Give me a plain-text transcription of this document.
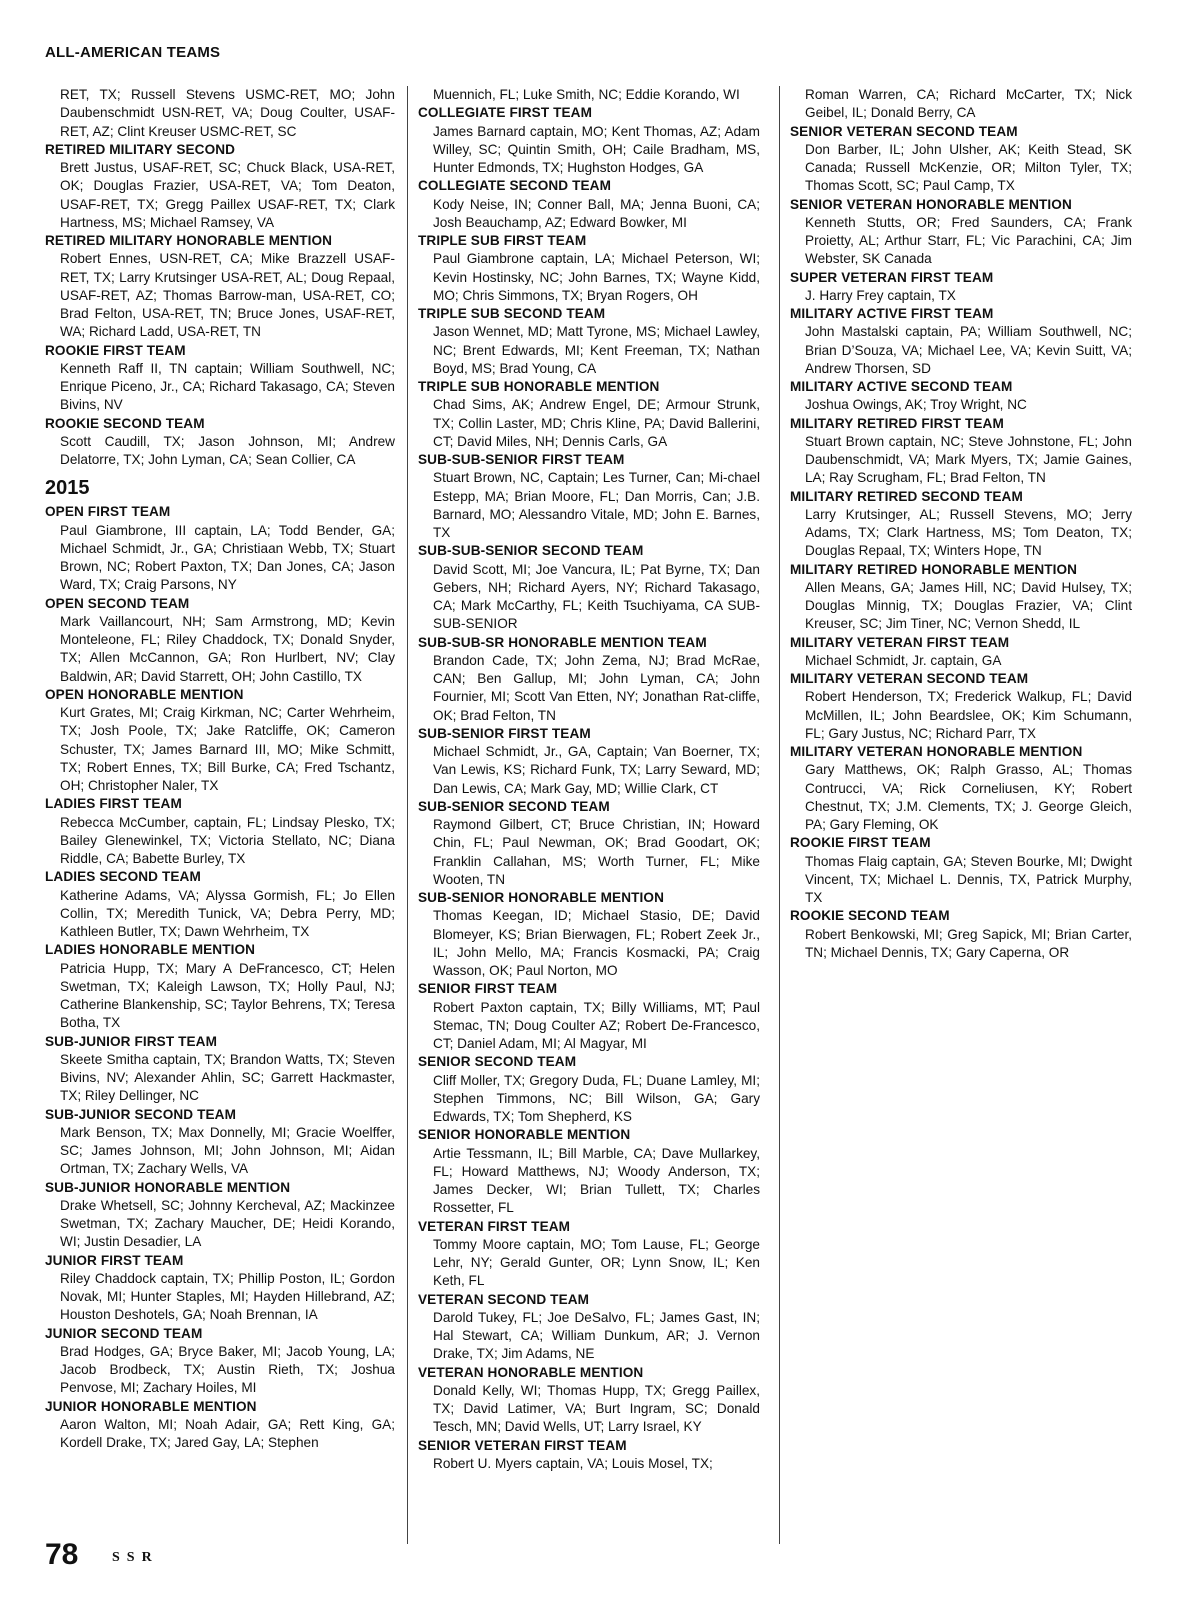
ALL-AMERICAN TEAMS
RET, TX; Russell Stevens USMC-RET, MO; John Daubenschmidt USN-RET, VA; Doug Coulter, USAF-RET, AZ; Clint Kreuser USMC-RET, SC
RETIRED MILITARY SECOND
Brett Justus, USAF-RET, SC; Chuck Black, USA-RET, OK; Douglas Frazier, USA-RET, VA; Tom Deaton, USAF-RET, TX; Gregg Paillex USAF-RET, TX; Clark Hartness, MS; Michael Ramsey, VA
RETIRED MILITARY HONORABLE MENTION
Robert Ennes, USN-RET, CA; Mike Brazzell USAF-RET, TX; Larry Krutsinger USA-RET, AL; Doug Repaal, USAF-RET, AZ; Thomas Barrow-man, USA-RET, CO; Brad Felton, USA-RET, TN; Bruce Jones, USAF-RET, WA; Richard Ladd, USA-RET, TN
ROOKIE FIRST TEAM
Kenneth Raff II, TN captain; William Southwell, NC; Enrique Piceno, Jr., CA; Richard Takasago, CA; Steven Bivins, NV
ROOKIE SECOND TEAM
Scott Caudill, TX; Jason Johnson, MI; Andrew Delatorre, TX; John Lyman, CA; Sean Collier, CA
2015
OPEN FIRST TEAM
Paul Giambrone, III captain, LA; Todd Bender, GA; Michael Schmidt, Jr., GA; Christiaan Webb, TX; Stuart Brown, NC; Robert Paxton, TX; Dan Jones, CA; Jason Ward, TX; Craig Parsons, NY
OPEN SECOND TEAM
Mark Vaillancourt, NH; Sam Armstrong, MD; Kevin Monteleone, FL; Riley Chaddock, TX; Donald Snyder, TX; Allen McCannon, GA; Ron Hurlbert, NV; Clay Baldwin, AR; David Starrett, OH; John Castillo, TX
OPEN HONORABLE MENTION
Kurt Grates, MI; Craig Kirkman, NC; Carter Wehrheim, TX; Josh Poole, TX; Jake Ratcliffe, OK; Cameron Schuster, TX; James Barnard III, MO; Mike Schmitt, TX; Robert Ennes, TX; Bill Burke, CA; Fred Tschantz, OH; Christopher Naler, TX
LADIES FIRST TEAM
Rebecca McCumber, captain, FL; Lindsay Plesko, TX; Bailey Glenewinkel, TX; Victoria Stellato, NC; Diana Riddle, CA; Babette Burley, TX
LADIES SECOND TEAM
Katherine Adams, VA; Alyssa Gormish, FL; Jo Ellen Collin, TX; Meredith Tunick, VA; Debra Perry, MD; Kathleen Butler, TX; Dawn Wehrheim, TX
LADIES HONORABLE MENTION
Patricia Hupp, TX; Mary A DeFrancesco, CT; Helen Swetman, TX; Kaleigh Lawson, TX; Holly Paul, NJ; Catherine Blankenship, SC; Taylor Behrens, TX; Teresa Botha, TX
SUB-JUNIOR FIRST TEAM
Skeete Smitha captain, TX; Brandon Watts, TX; Steven Bivins, NV; Alexander Ahlin, SC; Garrett Hackmaster, TX; Riley Dellinger, NC
SUB-JUNIOR SECOND TEAM
Mark Benson, TX; Max Donnelly, MI; Gracie Woelffer, SC; James Johnson, MI; John Johnson, MI; Aidan Ortman, TX; Zachary Wells, VA
SUB-JUNIOR HONORABLE MENTION
Drake Whetsell, SC; Johnny Kercheval, AZ; Mackinzee Swetman, TX; Zachary Maucher, DE; Heidi Korando, WI; Justin Desadier, LA
JUNIOR FIRST TEAM
Riley Chaddock captain, TX; Phillip Poston, IL; Gordon Novak, MI; Hunter Staples, MI; Hayden Hillebrand, AZ; Houston Deshotels, GA; Noah Brennan, IA
JUNIOR SECOND TEAM
Brad Hodges, GA; Bryce Baker, MI; Jacob Young, LA; Jacob Brodbeck, TX; Austin Rieth, TX; Joshua Penvose, MI; Zachary Hoiles, MI
JUNIOR HONORABLE MENTION
Aaron Walton, MI; Noah Adair, GA; Rett King, GA; Kordell Drake, TX; Jared Gay, LA; Stephen
Muennich, FL; Luke Smith, NC; Eddie Korando, WI
COLLEGIATE FIRST TEAM
James Barnard captain, MO; Kent Thomas, AZ; Adam Willey, SC; Quintin Smith, OH; Caile Bradham, MS, Hunter Edmonds, TX; Hughston Hodges, GA
COLLEGIATE SECOND TEAM
Kody Neise, IN; Conner Ball, MA; Jenna Buoni, CA; Josh Beauchamp, AZ; Edward Bowker, MI
TRIPLE SUB FIRST TEAM
Paul Giambrone captain, LA; Michael Peterson, WI; Kevin Hostinsky, NC; John Barnes, TX; Wayne Kidd, MO; Chris Simmons, TX; Bryan Rogers, OH
TRIPLE SUB SECOND TEAM
Jason Wennet, MD; Matt Tyrone, MS; Michael Lawley, NC; Brent Edwards, MI; Kent Freeman, TX; Nathan Boyd, MS; Brad Young, CA
TRIPLE SUB HONORABLE MENTION
Chad Sims, AK; Andrew Engel, DE; Armour Strunk, TX; Collin Laster, MD; Chris Kline, PA; David Ballerini, CT; David Miles, NH; Dennis Carls, GA
SUB-SUB-SENIOR FIRST TEAM
Stuart Brown, NC, Captain; Les Turner, Can; Mi-chael Estepp, MA; Brian Moore, FL; Dan Morris, Can; J.B. Barnard, MO; Alessandro Vitale, MD; John E. Barnes, TX
SUB-SUB-SENIOR SECOND TEAM
David Scott, MI; Joe Vancura, IL; Pat Byrne, TX; Dan Gebers, NH; Richard Ayers, NY; Richard Takasago, CA; Mark McCarthy, FL; Keith Tsuchiyama, CA SUB-SUB-SENIOR
SUB-SUB-SR HONORABLE MENTION TEAM
Brandon Cade, TX; John Zema, NJ; Brad McRae, CAN; Ben Gallup, MI; John Lyman, CA; John Fournier, MI; Scott Van Etten, NY; Jonathan Rat-cliffe, OK; Brad Felton, TN
SUB-SENIOR FIRST TEAM
Michael Schmidt, Jr., GA, Captain; Van Boerner, TX; Van Lewis, KS; Richard Funk, TX; Larry Seward, MD; Dan Lewis, CA; Mark Gay, MD; Willie Clark, CT
SUB-SENIOR SECOND TEAM
Raymond Gilbert, CT; Bruce Christian, IN; Howard Chin, FL; Paul Newman, OK; Brad Goodart, OK; Franklin Callahan, MS; Worth Turner, FL; Mike Wooten, TN
SUB-SENIOR HONORABLE MENTION
Thomas Keegan, ID; Michael Stasio, DE; David Blomeyer, KS; Brian Bierwagen, FL; Robert Zeek Jr., IL; John Mello, MA; Francis Kosmacki, PA; Craig Wasson, OK; Paul Norton, MO
SENIOR FIRST TEAM
Robert Paxton captain, TX; Billy Williams, MT; Paul Stemac, TN; Doug Coulter AZ; Robert De-Francesco, CT; Daniel Adam, MI; Al Magyar, MI
SENIOR SECOND TEAM
Cliff Moller, TX; Gregory Duda, FL; Duane Lamley, MI; Stephen Timmons, NC; Bill Wilson, GA; Gary Edwards, TX; Tom Shepherd, KS
SENIOR HONORABLE MENTION
Artie Tessmann, IL; Bill Marble, CA; Dave Mullarkey, FL; Howard Matthews, NJ; Woody Anderson, TX; James Decker, WI; Brian Tullett, TX; Charles Rossetter, FL
VETERAN FIRST TEAM
Tommy Moore captain, MO; Tom Lause, FL; George Lehr, NY; Gerald Gunter, OR; Lynn Snow, IL; Ken Keth, FL
VETERAN SECOND TEAM
Darold Tukey, FL; Joe DeSalvo, FL; James Gast, IN; Hal Stewart, CA; William Dunkum, AR; J. Vernon Drake, TX; Jim Adams, NE
VETERAN HONORABLE MENTION
Donald Kelly, WI; Thomas Hupp, TX; Gregg Paillex, TX; David Latimer, VA; Burt Ingram, SC; Donald Tesch, MN; David Wells, UT; Larry Israel, KY
SENIOR VETERAN FIRST TEAM
Robert U. Myers captain, VA; Louis Mosel, TX;
Roman Warren, CA; Richard McCarter, TX; Nick Geibel, IL; Donald Berry, CA
SENIOR VETERAN SECOND TEAM
Don Barber, IL; John Ulsher, AK; Keith Stead, SK Canada; Russell McKenzie, OR; Milton Tyler, TX; Thomas Scott, SC; Paul Camp, TX
SENIOR VETERAN HONORABLE MENTION
Kenneth Stutts, OR; Fred Saunders, CA; Frank Proietty, AL; Arthur Starr, FL; Vic Parachini, CA; Jim Webster, SK Canada
SUPER VETERAN FIRST TEAM
J. Harry Frey captain, TX
MILITARY ACTIVE FIRST TEAM
John Mastalski captain, PA; William Southwell, NC; Brian D’Souza, VA; Michael Lee, VA; Kevin Suitt, VA; Andrew Thorsen, SD
MILITARY ACTIVE SECOND TEAM
Joshua Owings, AK; Troy Wright, NC
MILITARY RETIRED FIRST TEAM
Stuart Brown captain, NC; Steve Johnstone, FL; John Daubenschmidt, VA; Mark Myers, TX; Jamie Gaines, LA; Ray Scrugham, FL; Brad Felton, TN
MILITARY RETIRED SECOND TEAM
Larry Krutsinger, AL; Russell Stevens, MO; Jerry Adams, TX; Clark Hartness, MS; Tom Deaton, TX; Douglas Repaal, TX; Winters Hope, TN
MILITARY RETIRED HONORABLE MENTION
Allen Means, GA; James Hill, NC; David Hulsey, TX; Douglas Minnig, TX; Douglas Frazier, VA; Clint Kreuser, SC; Jim Tiner, NC; Vernon Shedd, IL
MILITARY VETERAN FIRST TEAM
Michael Schmidt, Jr. captain, GA
MILITARY VETERAN SECOND TEAM
Robert Henderson, TX; Frederick Walkup, FL; David McMillen, IL; John Beardslee, OK; Kim Schumann, FL; Gary Justus, NC; Richard Parr, TX
MILITARY VETERAN HONORABLE MENTION
Gary Matthews, OK; Ralph Grasso, AL; Thomas Contrucci, VA; Rick Corneliusen, KY; Robert Chestnut, TX; J.M. Clements, TX; J. George Gleich, PA; Gary Fleming, OK
ROOKIE FIRST TEAM
Thomas Flaig captain, GA; Steven Bourke, MI; Dwight Vincent, TX; Michael L. Dennis, TX, Patrick Murphy, TX
ROOKIE SECOND TEAM
Robert Benkowski, MI; Greg Sapick, MI; Brian Carter, TN; Michael Dennis, TX; Gary Caperna, OR
78 SSR
